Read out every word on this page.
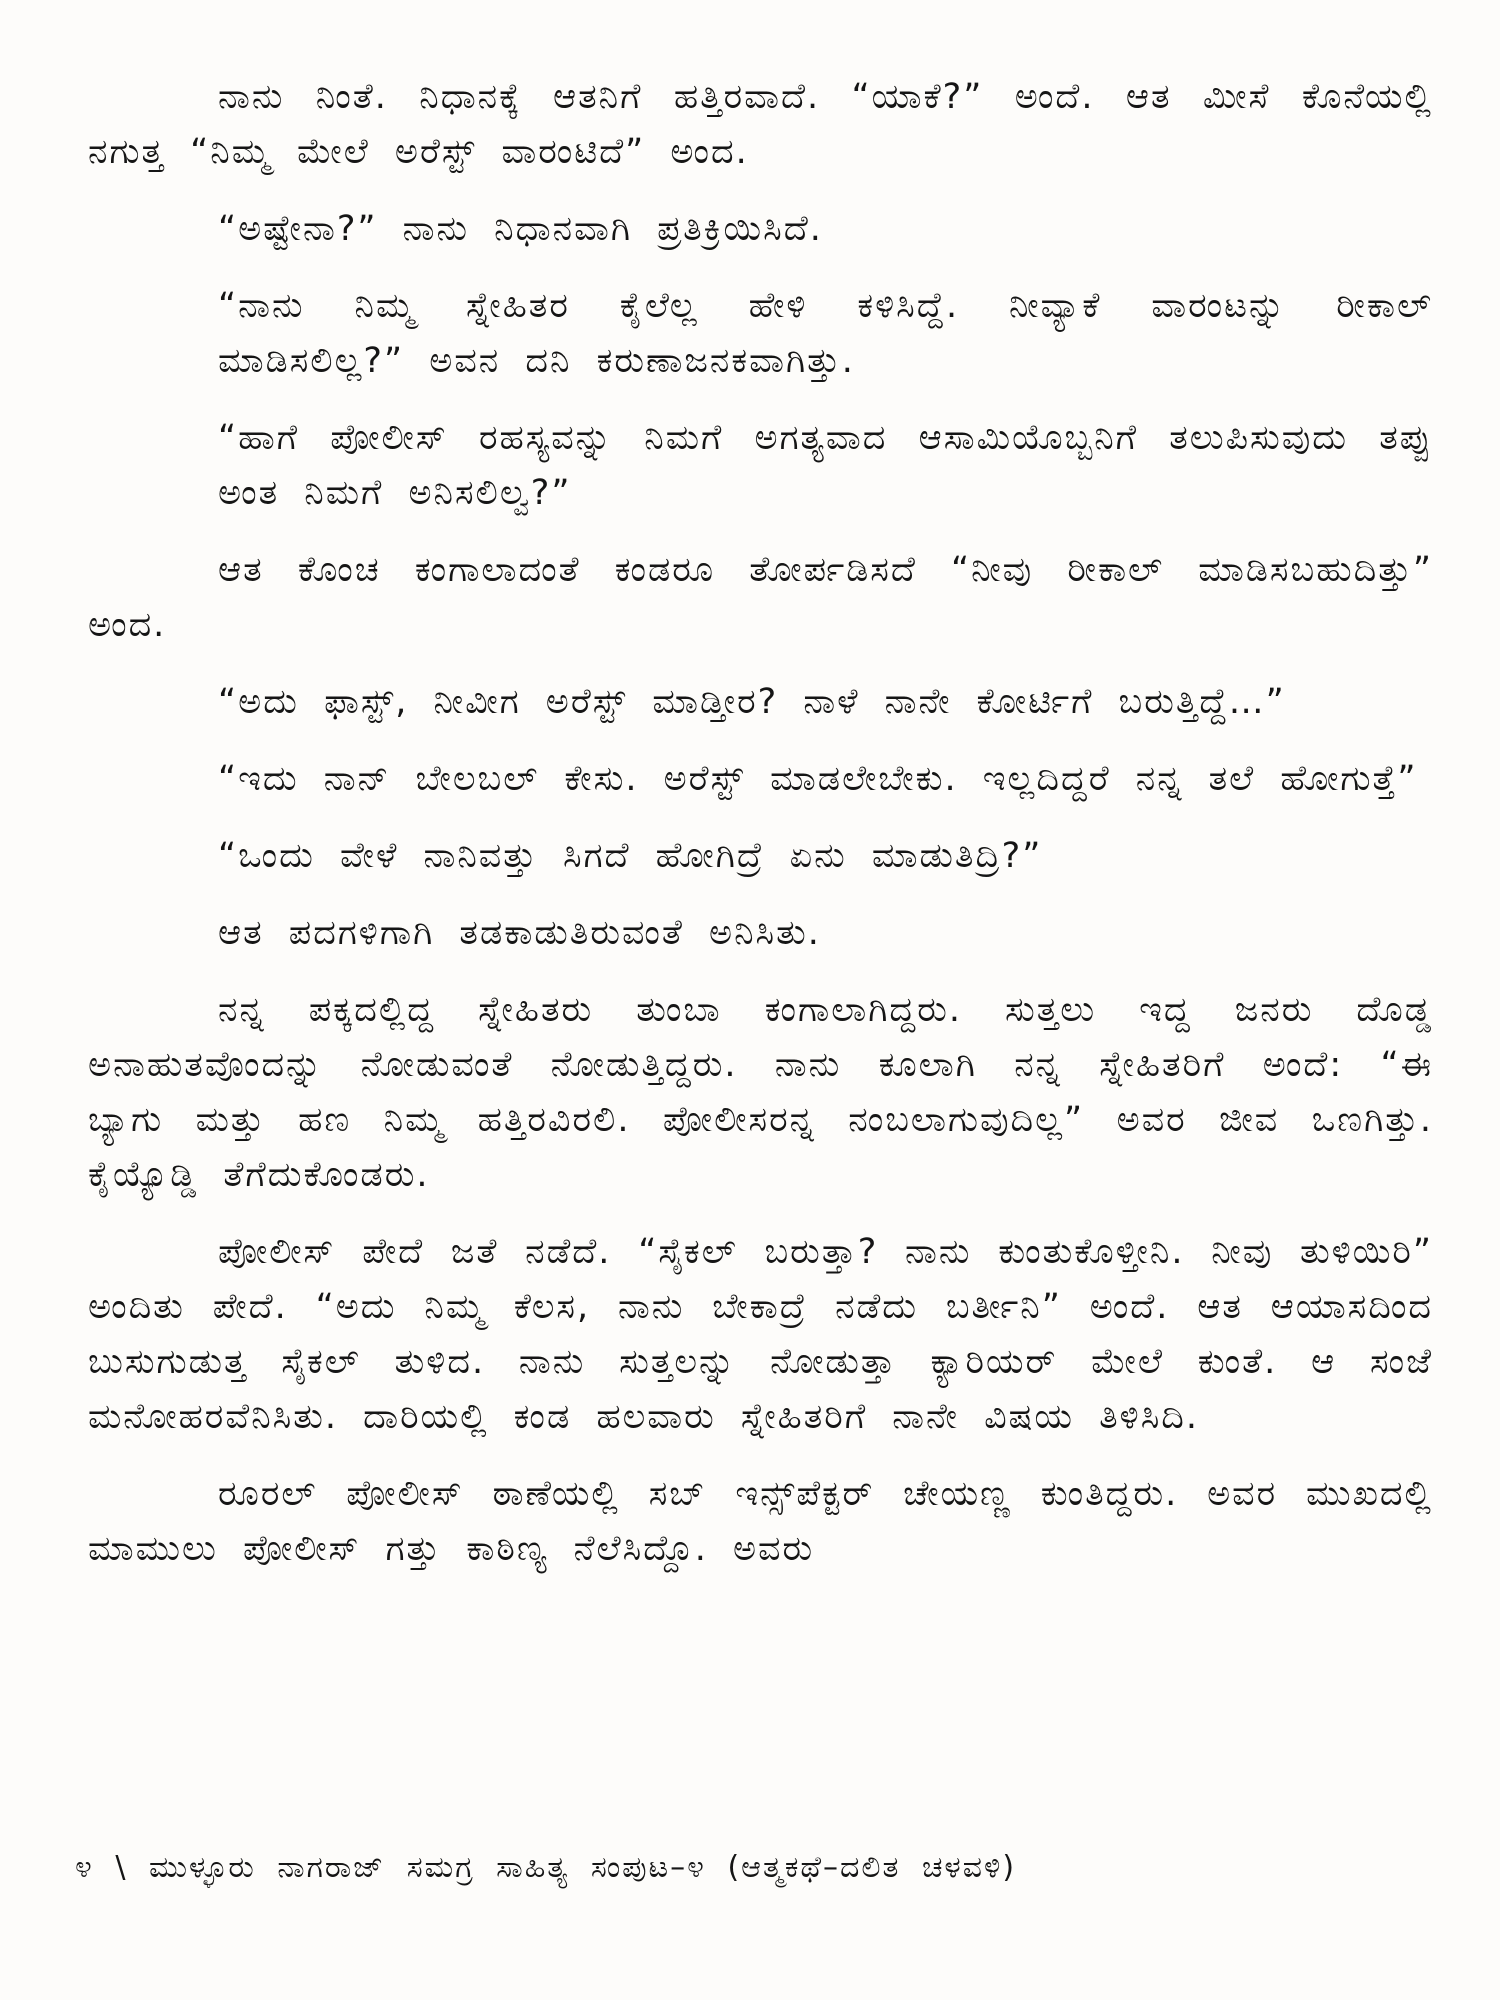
ನಾನು ನಿಂತೆ. ನಿಧಾನಕ್ಕೆ ಆತನಿಗೆ ಹತ್ತಿರವಾದೆ. “ಯಾಕೆ?” ಅಂದೆ. ಆತ ಮೀಸೆ ಕೊನೆಯಲ್ಲಿ ನಗುತ್ತ “ನಿಮ್ಮ ಮೇಲೆ ಅರೆಸ್ಟ್ ವಾರಂಟಿದೆ” ಅಂದ.

“ಅಷ್ಟೇನಾ?” ನಾನು ನಿಧಾನವಾಗಿ ಪ್ರತಿಕ್ರಿಯಿಸಿದೆ.

“ನಾನು ನಿಮ್ಮ ಸ್ನೇಹಿತರ ಕೈಲೆಲ್ಲ ಹೇಳಿ ಕಳಿಸಿದ್ದೆ. ನೀವ್ಯಾಕೆ ವಾರಂಟನ್ನು ರೀಕಾಲ್ ಮಾಡಿಸಲಿಲ್ಲ?” ಅವನ ದನಿ ಕರುಣಾಜನಕವಾಗಿತ್ತು.

“ಹಾಗೆ ಪೋಲೀಸ್ ರಹಸ್ಯವನ್ನು ನಿಮಗೆ ಅಗತ್ಯವಾದ ಆಸಾಮಿಯೊಬ್ಬನಿಗೆ ತಲುಪಿಸುವುದು ತಪ್ಪು ಅಂತ ನಿಮಗೆ ಅನಿಸಲಿಲ್ವ?”

ಆತ ಕೊಂಚ ಕಂಗಾಲಾದಂತೆ ಕಂಡರೂ ತೋರ್ಪಡಿಸದೆ “ನೀವು ರೀಕಾಲ್ ಮಾಡಿಸಬಹುದಿತ್ತು” ಅಂದ.

“ಅದು ಫಾಸ್ಟ್, ನೀವೀಗ ಅರೆಸ್ಟ್ ಮಾಡ್ತೀರ? ನಾಳೆ ನಾನೇ ಕೋರ್ಟಿಗೆ ಬರುತ್ತಿದ್ದೆ…”

“ಇದು ನಾನ್ ಬೇಲಬಲ್ ಕೇಸು. ಅರೆಸ್ಟ್ ಮಾಡಲೇಬೇಕು. ಇಲ್ಲದಿದ್ದರೆ ನನ್ನ ತಲೆ ಹೋಗುತ್ತೆ”

“ಒಂದು ವೇಳೆ ನಾನಿವತ್ತು ಸಿಗದೆ ಹೋಗಿದ್ರೆ ಏನು ಮಾಡುತಿದ್ರಿ?”

ಆತ ಪದಗಳಿಗಾಗಿ ತಡಕಾಡುತಿರುವಂತೆ ಅನಿಸಿತು.

ನನ್ನ ಪಕ್ಕದಲ್ಲಿದ್ದ ಸ್ನೇಹಿತರು ತುಂಬಾ ಕಂಗಾಲಾಗಿದ್ದರು. ಸುತ್ತಲು ಇದ್ದ ಜನರು ದೊಡ್ಡ ಅನಾಹುತವೊಂದನ್ನು ನೋಡುವಂತೆ ನೋಡುತ್ತಿದ್ದರು. ನಾನು ಕೂಲಾಗಿ ನನ್ನ ಸ್ನೇಹಿತರಿಗೆ ಅಂದೆ: “ಈ ಬ್ಯಾಗು ಮತ್ತು ಹಣ ನಿಮ್ಮ ಹತ್ತಿರವಿರಲಿ. ಪೋಲೀಸರನ್ನ ನಂಬಲಾಗುವುದಿಲ್ಲ” ಅವರ ಜೀವ ಒಣಗಿತ್ತು. ಕೈಯ್ಯೊಡ್ಡಿ ತೆಗೆದುಕೊಂಡರು.

ಪೋಲೀಸ್ ಪೇದೆ ಜತೆ ನಡೆದೆ. “ಸೈಕಲ್ ಬರುತ್ತಾ? ನಾನು ಕುಂತುಕೊಳ್ತೀನಿ. ನೀವು ತುಳಿಯಿರಿ” ಅಂದಿತು ಪೇದೆ. “ಅದು ನಿಮ್ಮ ಕೆಲಸ, ನಾನು ಬೇಕಾದ್ರೆ ನಡೆದು ಬರ್ತೀನಿ” ಅಂದೆ. ಆತ ಆಯಾಸದಿಂದ ಬುಸುಗುಡುತ್ತ ಸೈಕಲ್ ತುಳಿದ. ನಾನು ಸುತ್ತಲನ್ನು ನೋಡುತ್ತಾ ಕ್ಯಾರಿಯರ್ ಮೇಲೆ ಕುಂತೆ. ಆ ಸಂಜೆ ಮನೋಹರವೆನಿಸಿತು. ದಾರಿಯಲ್ಲಿ ಕಂಡ ಹಲವಾರು ಸ್ನೇಹಿತರಿಗೆ ನಾನೇ ವಿಷಯ ತಿಳಿಸಿದಿ.

ರೂರಲ್ ಪೋಲೀಸ್ ಠಾಣೆಯಲ್ಲಿ ಸಬ್ ಇನ್ಸ್‌ಪೆಕ್ಟರ್ ಚೇಯಣ್ಣ ಕುಂತಿದ್ದರು. ಅವರ ಮುಖದಲ್ಲಿ ಮಾಮುಲು ಪೋಲೀಸ್ ಗತ್ತು ಕಾಠಿಣ್ಯ ನೆಲೆಸಿದ್ದೊ. ಅವರು

೪ \ ಮುಳ್ಳೂರು ನಾಗರಾಜ್ ಸಮಗ್ರ ಸಾಹಿತ್ಯ ಸಂಪುಟ–೪ (ಆತ್ಮಕಥೆ–ದಲಿತ ಚಳವಳಿ)
